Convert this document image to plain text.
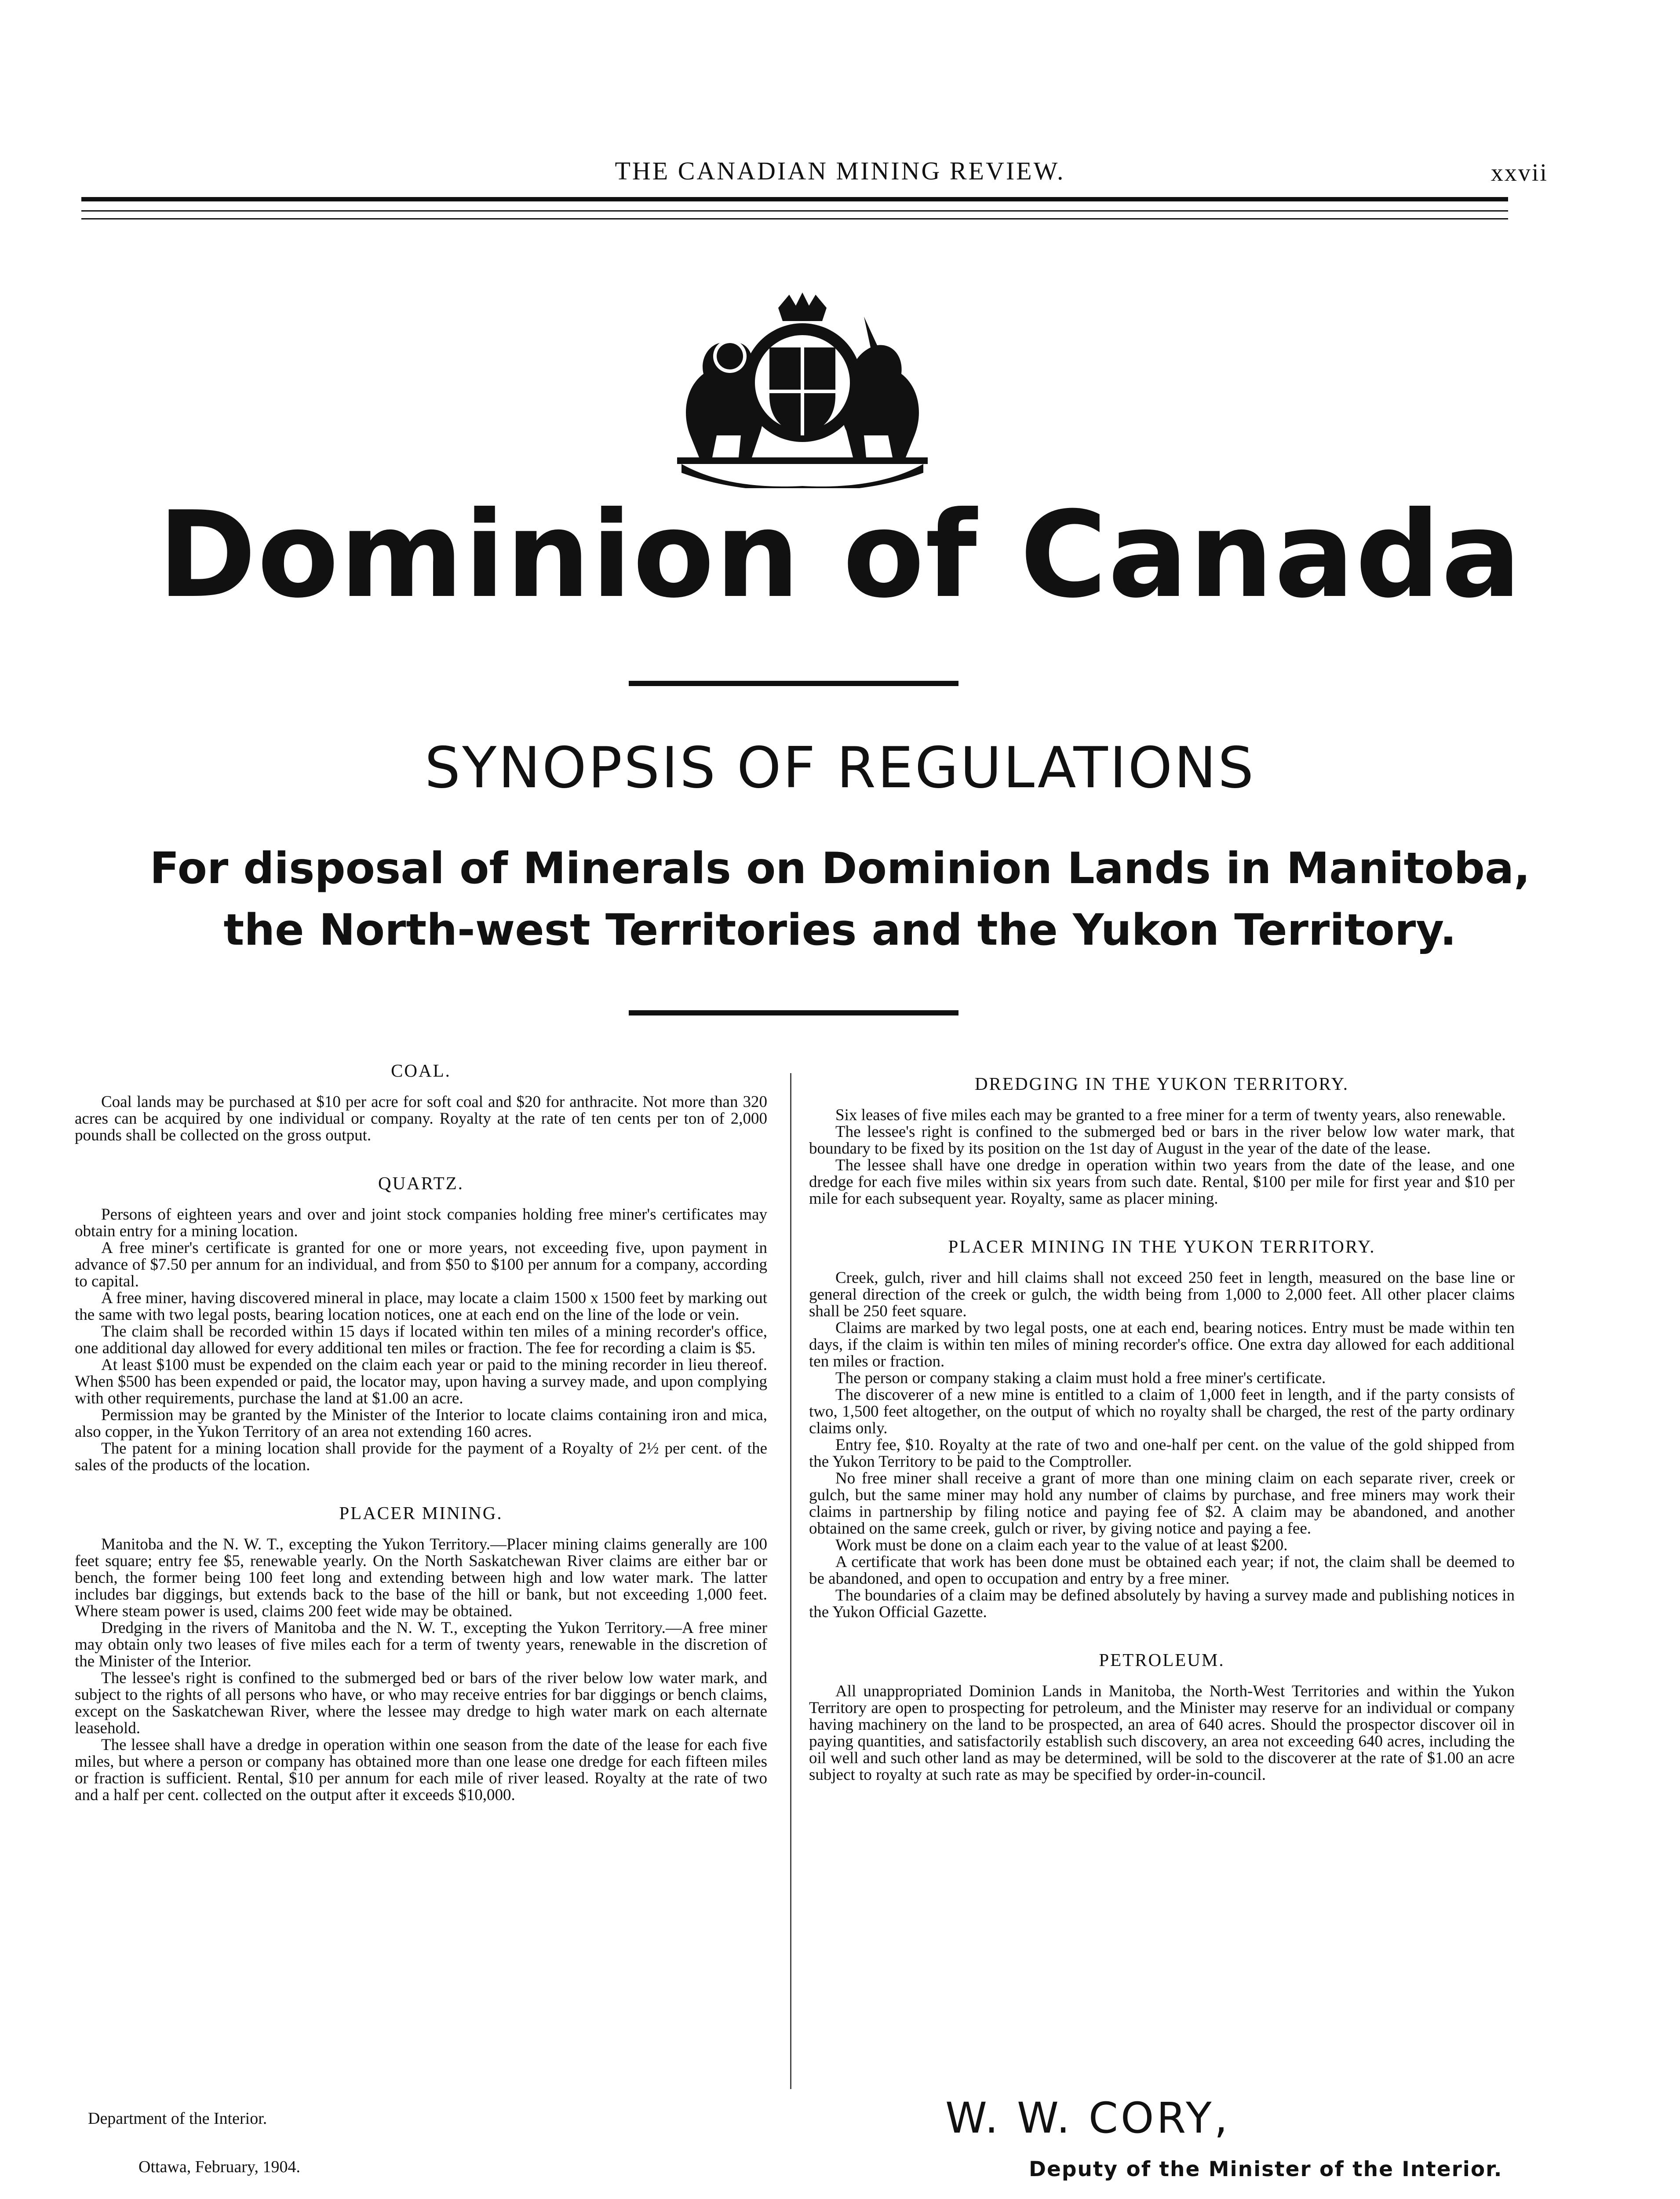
THE CANADIAN MINING REVIEW.	xxvii
DIEU
ET MON
DROIT
Dominion of Canada
SYNOPSIS OF REGULATIONS
For disposal of Minerals on Dominion Lands in Manitoba,
the North-west Territories and the Yukon Territory.
COAL.

Coal lands may be purchased at $10 per acre for soft coal and $20 for anthracite. Not more than 320 acres can be acquired by one individual or company. Royalty at the rate of ten cents per ton of 2,000 pounds shall be collected on the gross output.

QUARTZ.

Persons of eighteen years and over and joint stock companies holding free miner's certificates may obtain entry for a mining location.

A free miner's certificate is granted for one or more years, not exceeding five, upon payment in advance of $7.50 per annum for an individual, and from $50 to $100 per annum for a company, according to capital.

A free miner, having discovered mineral in place, may locate a claim 1500 x 1500 feet by marking out the same with two legal posts, bearing location notices, one at each end on the line of the lode or vein.

The claim shall be recorded within 15 days if located within ten miles of a mining recorder's office, one additional day allowed for every additional ten miles or fraction. The fee for recording a claim is $5.

At least $100 must be expended on the claim each year or paid to the mining recorder in lieu thereof. When $500 has been expended or paid, the locator may, upon having a survey made, and upon complying with other requirements, purchase the land at $1.00 an acre.

Permission may be granted by the Minister of the Interior to locate claims containing iron and mica, also copper, in the Yukon Territory of an area not extending 160 acres.

The patent for a mining location shall provide for the payment of a Royalty of 2½ per cent. of the sales of the products of the location.

PLACER MINING.

Manitoba and the N. W. T., excepting the Yukon Territory.—Placer mining claims generally are 100 feet square; entry fee $5, renewable yearly. On the North Saskatchewan River claims are either bar or bench, the former being 100 feet long and extending between high and low water mark. The latter includes bar diggings, but extends back to the base of the hill or bank, but not exceeding 1,000 feet. Where steam power is used, claims 200 feet wide may be obtained.

Dredging in the rivers of Manitoba and the N. W. T., excepting the Yukon Territory.—A free miner may obtain only two leases of five miles each for a term of twenty years, renewable in the discretion of the Minister of the Interior.

The lessee's right is confined to the submerged bed or bars of the river below low water mark, and subject to the rights of all persons who have, or who may receive entries for bar diggings or bench claims, except on the Saskatchewan River, where the lessee may dredge to high water mark on each alternate leasehold.

The lessee shall have a dredge in operation within one season from the date of the lease for each five miles, but where a person or company has obtained more than one lease one dredge for each fifteen miles or fraction is sufficient. Rental, $10 per annum for each mile of river leased. Royalty at the rate of two and a half per cent. collected on the output after it exceeds $10,000.

DREDGING IN THE YUKON TERRITORY.

Six leases of five miles each may be granted to a free miner for a term of twenty years, also renewable.

The lessee's right is confined to the submerged bed or bars in the river below low water mark, that boundary to be fixed by its position on the 1st day of August in the year of the date of the lease.

The lessee shall have one dredge in operation within two years from the date of the lease, and one dredge for each five miles within six years from such date. Rental, $100 per mile for first year and $10 per mile for each subsequent year. Royalty, same as placer mining.

PLACER MINING IN THE YUKON TERRITORY.

Creek, gulch, river and hill claims shall not exceed 250 feet in length, measured on the base line or general direction of the creek or gulch, the width being from 1,000 to 2,000 feet. All other placer claims shall be 250 feet square.

Claims are marked by two legal posts, one at each end, bearing notices. Entry must be made within ten days, if the claim is within ten miles of mining recorder's office. One extra day allowed for each additional ten miles or fraction.

The person or company staking a claim must hold a free miner's certificate.

The discoverer of a new mine is entitled to a claim of 1,000 feet in length, and if the party consists of two, 1,500 feet altogether, on the output of which no royalty shall be charged, the rest of the party ordinary claims only.

Entry fee, $10. Royalty at the rate of two and one-half per cent. on the value of the gold shipped from the Yukon Territory to be paid to the Comptroller.

No free miner shall receive a grant of more than one mining claim on each separate river, creek or gulch, but the same miner may hold any number of claims by purchase, and free miners may work their claims in partnership by filing notice and paying fee of $2. A claim may be abandoned, and another obtained on the same creek, gulch or river, by giving notice and paying a fee.

Work must be done on a claim each year to the value of at least $200.

A certificate that work has been done must be obtained each year; if not, the claim shall be deemed to be abandoned, and open to occupation and entry by a free miner.

The boundaries of a claim may be defined absolutely by having a survey made and publishing notices in the Yukon Official Gazette.

PETROLEUM.

All unappropriated Dominion Lands in Manitoba, the North-West Territories and within the Yukon Territory are open to prospecting for petroleum, and the Minister may reserve for an individual or company having machinery on the land to be prospected, an area of 640 acres. Should the prospector discover oil in paying quantities, and satisfactorily establish such discovery, an area not exceeding 640 acres, including the oil well and such other land as may be determined, will be sold to the discoverer at the rate of $1.00 an acre subject to royalty at such rate as may be specified by order-in-council.

Department of the Interior.
Ottawa, February, 1904.
W. W. CORY,
Deputy of the Minister of the Interior.
